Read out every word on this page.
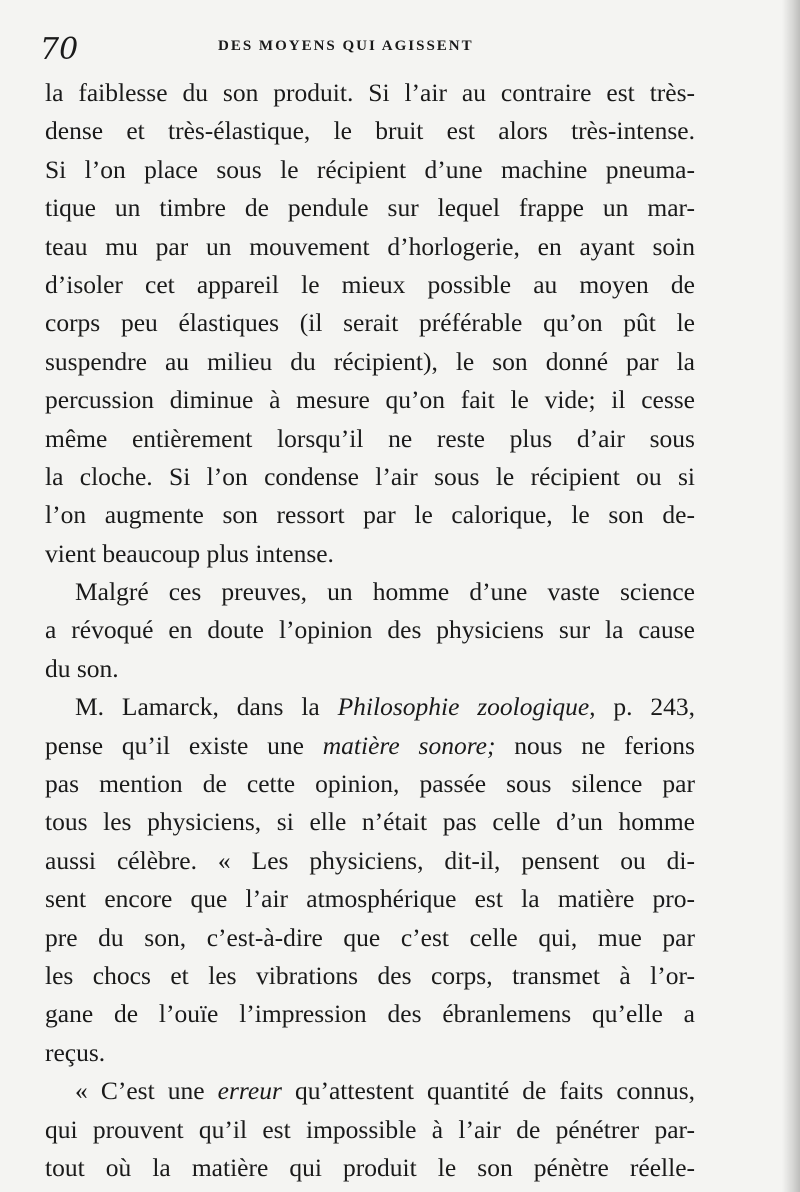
70	DES MOYENS QUI AGISSENT
la faiblesse du son produit. Si l’air au contraire est très-
dense et très-élastique, le bruit est alors très-intense.
Si l’on place sous le récipient d’une machine pneuma-
tique un timbre de pendule sur lequel frappe un mar-
teau mu par un mouvement d’horlogerie, en ayant soin
d’isoler cet appareil le mieux possible au moyen de
corps peu élastiques (il serait préférable qu’on pût le
suspendre au milieu du récipient), le son donné par la
percussion diminue à mesure qu’on fait le vide; il cesse
même entièrement lorsqu’il ne reste plus d’air sous
la cloche. Si l’on condense l’air sous le récipient ou si
l’on augmente son ressort par le calorique, le son de-
vient beaucoup plus intense.
Malgré ces preuves, un homme d’une vaste science
a révoqué en doute l’opinion des physiciens sur la cause
du son.
M. Lamarck, dans la Philosophie zoologique, p. 243,
pense qu’il existe une matière sonore; nous ne ferions
pas mention de cette opinion, passée sous silence par
tous les physiciens, si elle n’était pas celle d’un homme
aussi célèbre. « Les physiciens, dit-il, pensent ou di-
sent encore que l’air atmosphérique est la matière pro-
pre du son, c’est-à-dire que c’est celle qui, mue par
les chocs et les vibrations des corps, transmet à l’or-
gane de l’ouïe l’impression des ébranlemens qu’elle a
reçus.
« C’est une erreur qu’attestent quantité de faits connus,
qui prouvent qu’il est impossible à l’air de pénétrer par-
tout où la matière qui produit le son pénètre réelle-
